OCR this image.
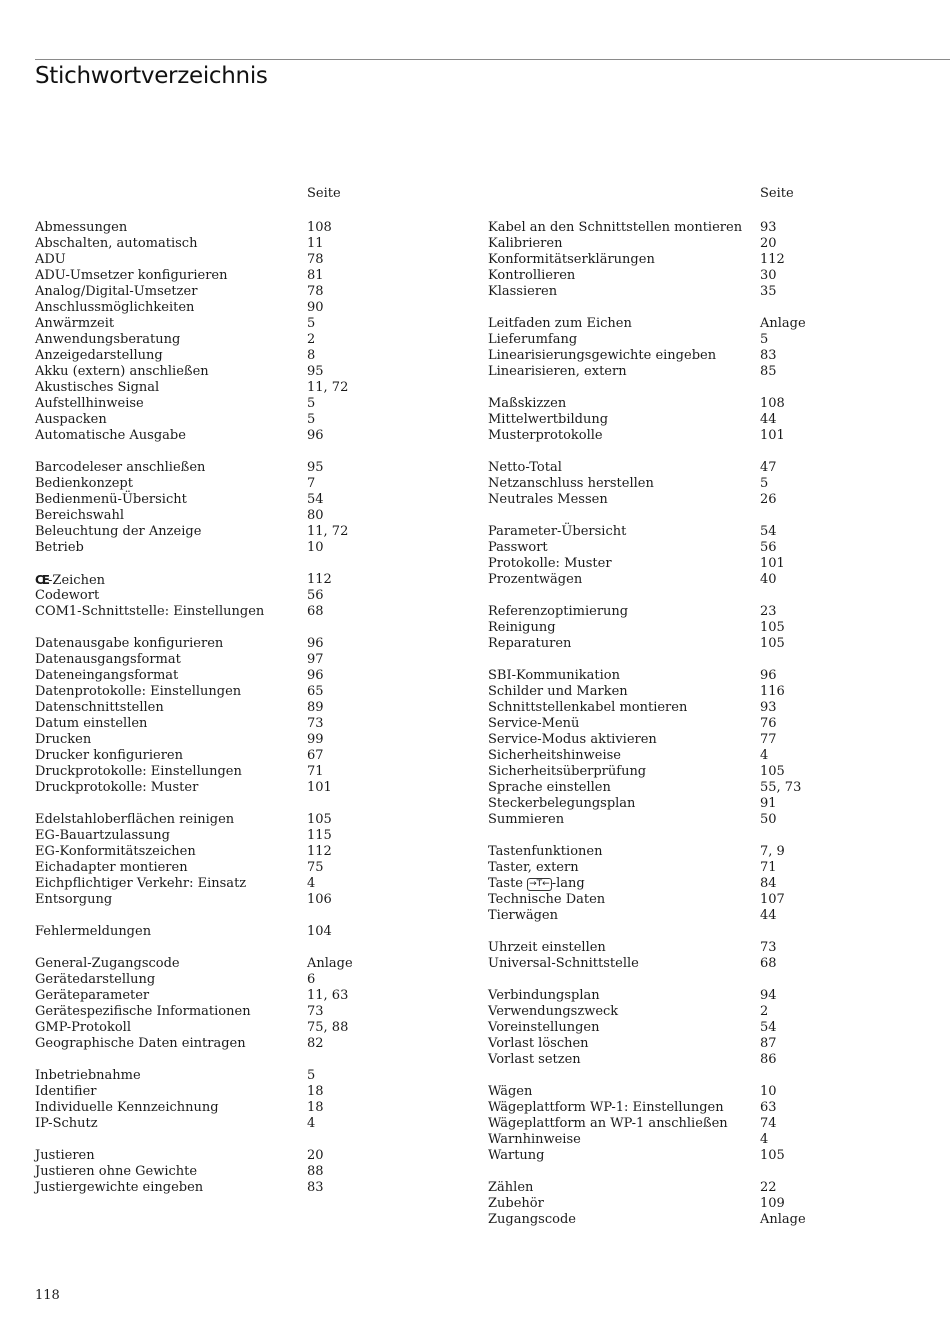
Stichwortverzeichnis
Seite
Abmessungen	108
Abschalten, automatisch	11
ADU	78
ADU-Umsetzer konfigurieren	81
Analog/Digital-Umsetzer	78
Anschlussmöglichkeiten	90
Anwärmzeit	5
Anwendungsberatung	2
Anzeigedarstellung	8
Akku (extern) anschließen	95
Akustisches Signal	11, 72
Aufstellhinweise	5
Auspacken	5
Automatische Ausgabe	96
Barcodeleser anschließen	95
Bedienkonzept	7
Bedienmenü-Übersicht	54
Bereichswahl	80
Beleuchtung der Anzeige	11, 72
Betrieb	10
CE-Zeichen	112
Codewort	56
COM1-Schnittstelle: Einstellungen	68
Datenausgabe konfigurieren	96
Datenausgangsformat	97
Dateneingangsformat	96
Datenprotokolle: Einstellungen	65
Datenschnittstellen	89
Datum einstellen	73
Drucken	99
Drucker konfigurieren	67
Druckprotokolle: Einstellungen	71
Druckprotokolle: Muster	101
Edelstahloberflächen reinigen	105
EG-Bauartzulassung	115
EG-Konformitätszeichen	112
Eichadapter montieren	75
Eichpflichtiger Verkehr: Einsatz	4
Entsorgung	106
Fehlermeldungen	104
General-Zugangscode	Anlage
Gerätedarstellung	6
Geräteparameter	11, 63
Gerätespezifische Informationen	73
GMP-Protokoll	75, 88
Geographische Daten eintragen	82
Inbetriebnahme	5
Identifier	18
Individuelle Kennzeichnung	18
IP-Schutz	4
Justieren	20
Justieren ohne Gewichte	88
Justiergewichte eingeben	83
Seite
Kabel an den Schnittstellen montieren 93
Kalibrieren	20
Konformitätserklärungen	112
Kontrollieren	30
Klassieren	35
Leitfaden zum Eichen	Anlage
Lieferumfang	5
Linearisierungsgewichte eingeben	83
Linearisieren, extern	85
Maßskizzen	108
Mittelwertbildung	44
Musterprotokolle	101
Netto-Total	47
Netzanschluss herstellen	5
Neutrales Messen	26
Parameter-Übersicht	54
Passwort	56
Protokolle: Muster	101
Prozentwägen	40
Referenzoptimierung	23
Reinigung	105
Reparaturen	105
SBI-Kommunikation	96
Schilder und Marken	116
Schnittstellenkabel montieren	93
Service-Menü	76
Service-Modus aktivieren	77
Sicherheitshinweise	4
Sicherheitsüberprüfung	105
Sprache einstellen	55, 73
Steckerbelegungsplan	91
Summieren	50
Tastenfunktionen	7, 9
Taster, extern	71
Taste →T← -lang	84
Technische Daten	107
Tierwägen	44
Uhrzeit einstellen	73
Universal-Schnittstelle	68
Verbindungsplan	94
Verwendungszweck	2
Voreinstellungen	54
Vorlast löschen	87
Vorlast setzen	86
Wägen	10
Wägeplattform WP-1: Einstellungen	63
Wägeplattform an WP-1 anschließen 74
Warnhinweise	4
Wartung	105
Zählen	22
Zubehör	109
Zugangscode	Anlage
118
